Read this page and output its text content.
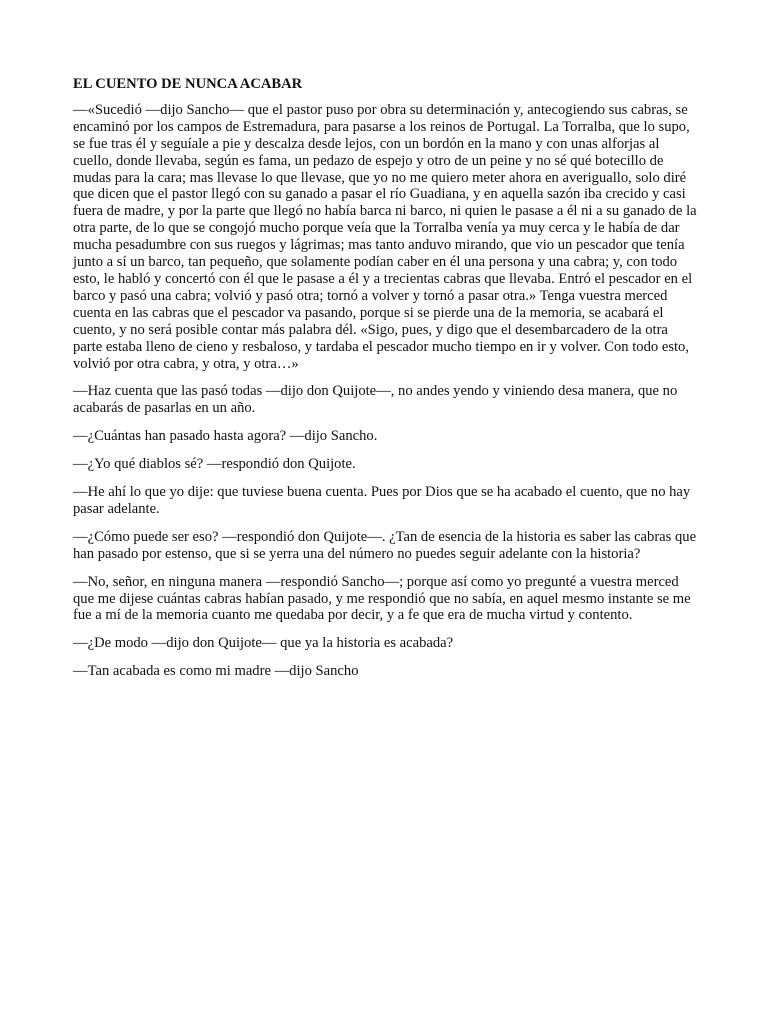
EL CUENTO DE NUNCA ACABAR

—«Sucedió —dijo Sancho— que el pastor puso por obra su determinación y, antecogiendo sus cabras, se encaminó por los campos de Estremadura, para pasarse a los reinos de Portugal. La Torralba, que lo supo, se fue tras él y seguíale a pie y descalza desde lejos, con un bordón en la mano y con unas alforjas al cuello, donde llevaba, según es fama, un pedazo de espejo y otro de un peine y no sé qué botecillo de mudas para la cara; mas llevase lo que llevase, que yo no me quiero meter ahora en averiguallo, solo diré que dicen que el pastor llegó con su ganado a pasar el río Guadiana, y en aquella sazón iba crecido y casi fuera de madre, y por la parte que llegó no había barca ni barco, ni quien le pasase a él ni a su ganado de la otra parte, de lo que se congojó mucho porque veía que la Torralba venía ya muy cerca y le había de dar mucha pesadumbre con sus ruegos y lágrimas; mas tanto anduvo mirando, que vio un pescador que tenía junto a sí un barco, tan pequeño, que solamente podían caber en él una persona y una cabra; y, con todo esto, le habló y concertó con él que le pasase a él y a trecientas cabras que llevaba. Entró el pescador en el barco y pasó una cabra; volvió y pasó otra; tornó a volver y tornó a pasar otra.» Tenga vuestra merced cuenta en las cabras que el pescador va pasando, porque si se pierde una de la memoria, se acabará el cuento, y no será posible contar más palabra dél. «Sigo, pues, y digo que el desembarcadero de la otra parte estaba lleno de cieno y resbaloso, y tardaba el pescador mucho tiempo en ir y volver. Con todo esto, volvió por otra cabra, y otra, y otra…»

—Haz cuenta que las pasó todas —dijo don Quijote—, no andes yendo y viniendo desa manera, que no acabarás de pasarlas en un año.

—¿Cuántas han pasado hasta agora? —dijo Sancho.

—¿Yo qué diablos sé? —respondió don Quijote.

—He ahí lo que yo dije: que tuviese buena cuenta. Pues por Dios que se ha acabado el cuento, que no hay pasar adelante.

—¿Cómo puede ser eso? —respondió don Quijote—. ¿Tan de esencia de la historia es saber las cabras que han pasado por estenso, que si se yerra una del número no puedes seguir adelante con la historia?

—No, señor, en ninguna manera —respondió Sancho—; porque así como yo pregunté a vuestra merced que me dijese cuántas cabras habían pasado, y me respondió que no sabía, en aquel mesmo instante se me fue a mí de la memoria cuanto me quedaba por decir, y a fe que era de mucha virtud y contento.

—¿De modo —dijo don Quijote— que ya la historia es acabada?

—Tan acabada es como mi madre —dijo Sancho
